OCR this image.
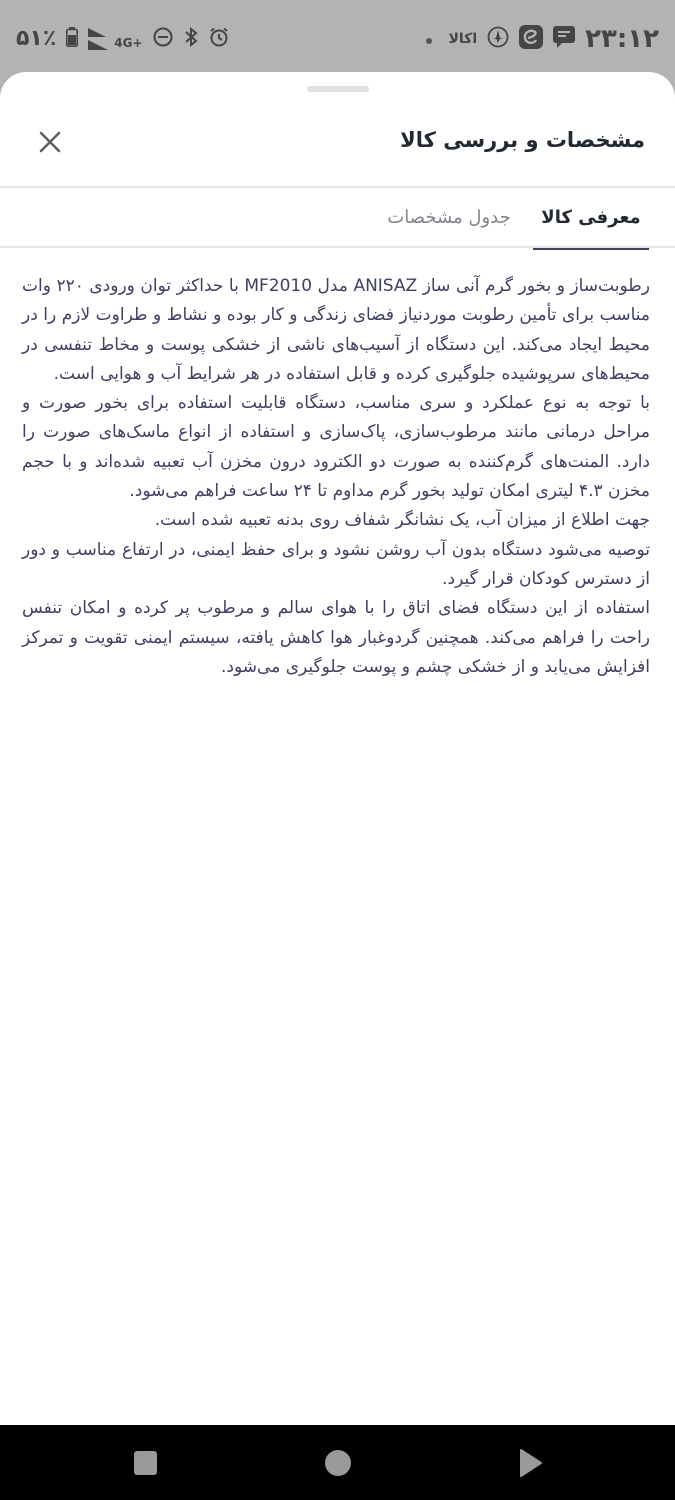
۵۱٪	4G+	اکالا	۲۳:۱۲
مشخصات و بررسی کالا
معرفی کالا
جدول مشخصات

رطوبت‌ساز و بخور گرم آنی ساز ANISAZ مدل MF2010 با حداکثر توان ورودی ۲۲۰ وات مناسب برای تأمین رطوبت موردنیاز فضای زندگی و کار بوده و نشاط و طراوت لازم را در محیط ایجاد می‌کند. این دستگاه از آسیب‌های ناشی از خشکی پوست و مخاط تنفسی در محیط‌های سرپوشیده جلوگیری کرده و قابل استفاده در هر شرایط آب و هوایی است.

با توجه به نوع عملکرد و سری مناسب، دستگاه قابلیت استفاده برای بخور صورت و مراحل درمانی مانند مرطوب‌سازی، پاک‌سازی و استفاده از انواع ماسک‌های صورت را دارد. المنت‌های گرم‌کننده به صورت دو الکترود درون مخزن آب تعبیه شده‌اند و با حجم مخزن ۴.۳ لیتری امکان تولید بخور گرم مداوم تا ۲۴ ساعت فراهم می‌شود.

جهت اطلاع از میزان آب، یک نشانگر شفاف روی بدنه تعبیه شده است.

توصیه می‌شود دستگاه بدون آب روشن نشود و برای حفظ ایمنی، در ارتفاع مناسب و دور از دسترس کودکان قرار گیرد.

استفاده از این دستگاه فضای اتاق را با هوای سالم و مرطوب پر کرده و امکان تنفس راحت را فراهم می‌کند. همچنین گردوغبار هوا کاهش یافته، سیستم ایمنی تقویت و تمرکز افزایش می‌یابد و از خشکی چشم و پوست جلوگیری می‌شود.
